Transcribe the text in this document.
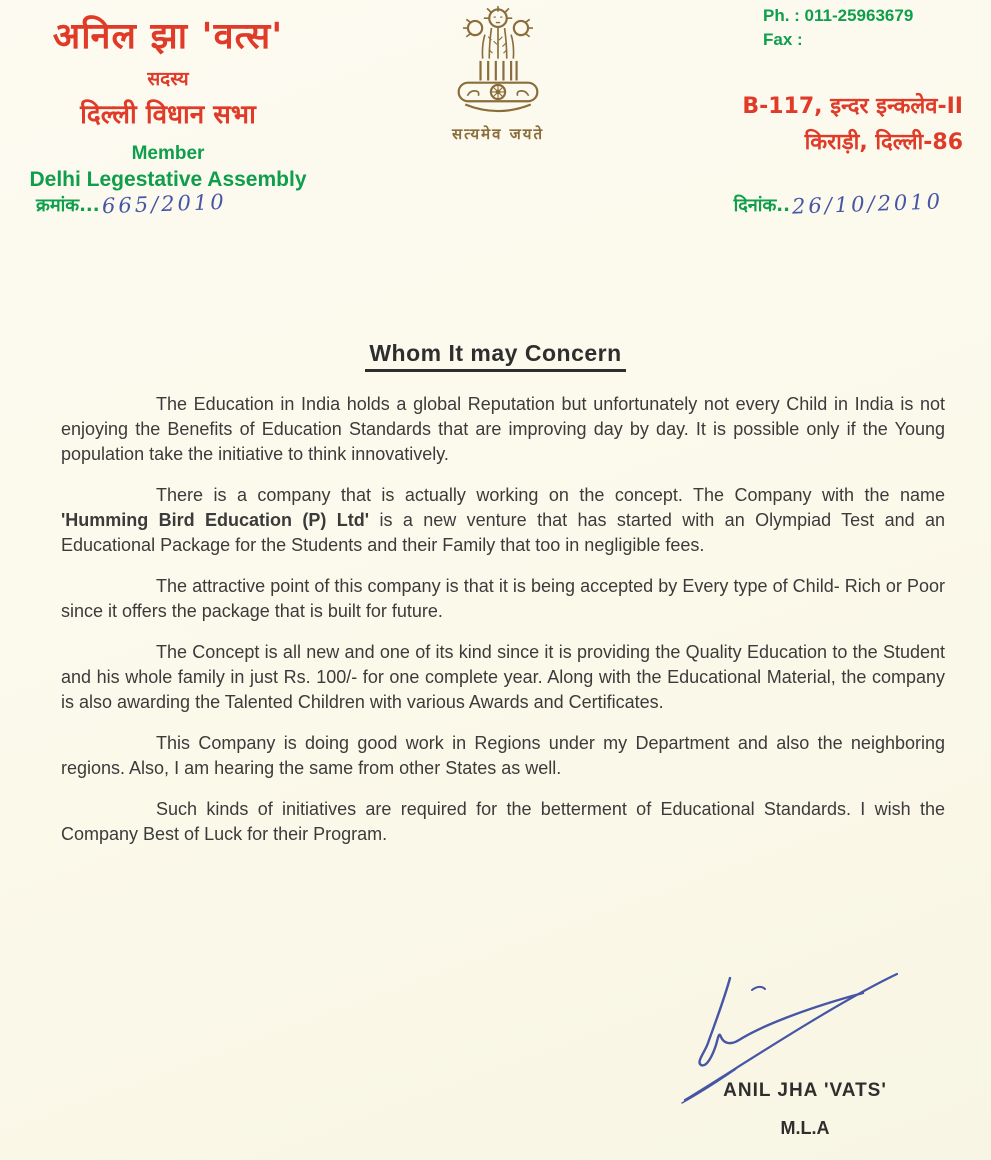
अनिल झा 'वत्स'
सदस्य
दिल्ली विधान सभा
Member
Delhi Legestative Assembly
सत्यमेव जयते
Ph. : 011-25963679
Fax :
B-117, इन्दर इन्कलेव-II
किराड़ी, दिल्ली-86
क्रमांक...665/2010	दिनांक..26/10/2010
Whom It may Concern

The Education in India holds a global Reputation but unfortunately not every Child in India is not enjoying the Benefits of Education Standards that are improving day by day. It is possible only if the Young population take the initiative to think innovatively.

There is a company that is actually working on the concept. The Company with the name 'Humming Bird Education (P) Ltd' is a new venture that has started with an Olympiad Test and an Educational Package for the Students and their Family that too in negligible fees.

The attractive point of this company is that it is being accepted by Every type of Child- Rich or Poor since it offers the package that is built for future.

The Concept is all new and one of its kind since it is providing the Quality Education to the Student and his whole family in just Rs. 100/- for one complete year. Along with the Educational Material, the company is also awarding the Talented Children with various Awards and Certificates.

This Company is doing good work in Regions under my Department and also the neighboring regions. Also, I am hearing the same from other States as well.

Such kinds of initiatives are required for the betterment of Educational Standards. I wish the Company Best of Luck for their Program.

ANIL JHA 'VATS'
M.L.A
